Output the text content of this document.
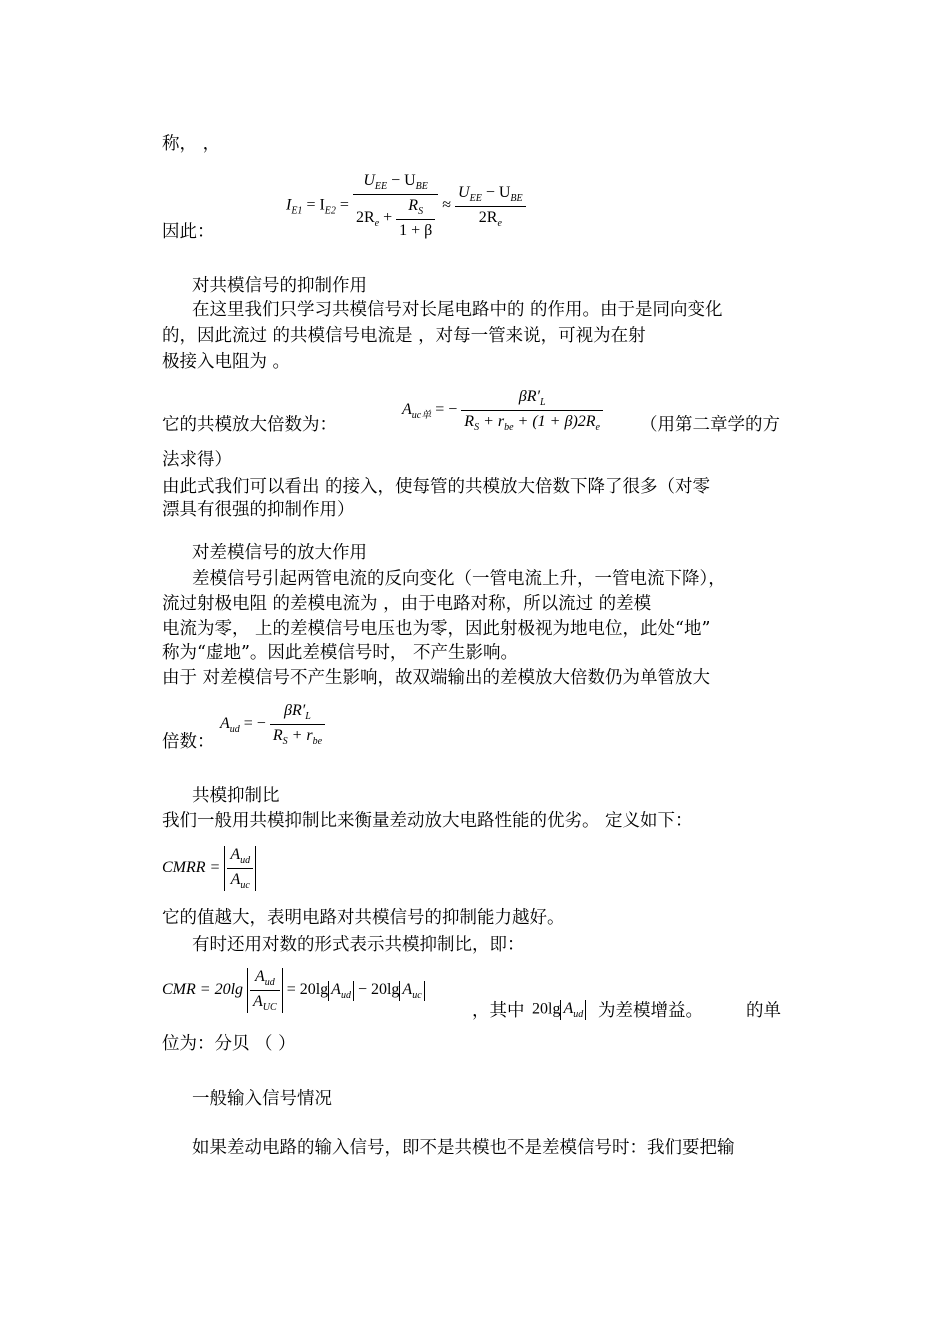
称， ，
$I_{E1} = I_{E2} = \frac{U_{EE} - U_{BE}}{2R_e + \frac{R_S}{1 + \beta}} \approx \frac{U_{EE} - U_{BE}}{2R_e}$
因此：
对共模信号的抑制作用
在这里我们只学习共模信号对长尾电路中的 的作用。由于是同向变化
的，因此流过 的共模信号电流是 ，对每一管来说，可视为在射
极接入电阻为 。
$A_{uc单}$ = − $\frac{\beta R'_L}{R_S + r_{be} + (1 + \beta)2R_e}$
它的共模放大倍数为：	（用第二章学的方
法求得）
由此式我们可以看出 的接入，使每管的共模放大倍数下降了很多（对零
漂具有很强的抑制作用）
对差模信号的放大作用
差模信号引起两管电流的反向变化（一管电流上升，一管电流下降），
流过射极电阻 的差模电流为 ，由于电路对称，所以流过 的差模
电流为零， 上的差模信号电压也为零，因此射极视为地电位，此处“地”
称为“虚地”。因此差模信号时， 不产生影响。
由于 对差模信号不产生影响，故双端输出的差模放大倍数仍为单管放大
$A_{ud}$ = − $\frac{\beta R'_L}{R_S + r_{be}}$
倍数：
共模抑制比
我们一般用共模抑制比来衡量差动放大电路性能的优劣。 定义如下：
CMRR = $\frac{A_{ud}}{A_{uc}}$
它的值越大，表明电路对共模信号的抑制能力越好。
有时还用对数的形式表示共模抑制比，即：
CMR = $20\lg \frac{A_{ud}}{A_{UC}} = 20\lg$ $A_{ud} - 20\lg$ $A_{uc}$
，其中 20lg $A_{ud}$ 为差模增益。 的单
位为：分贝 （ ）
一般输入信号情况
如果差动电路的输入信号，即不是共模也不是差模信号时：我们要把输
